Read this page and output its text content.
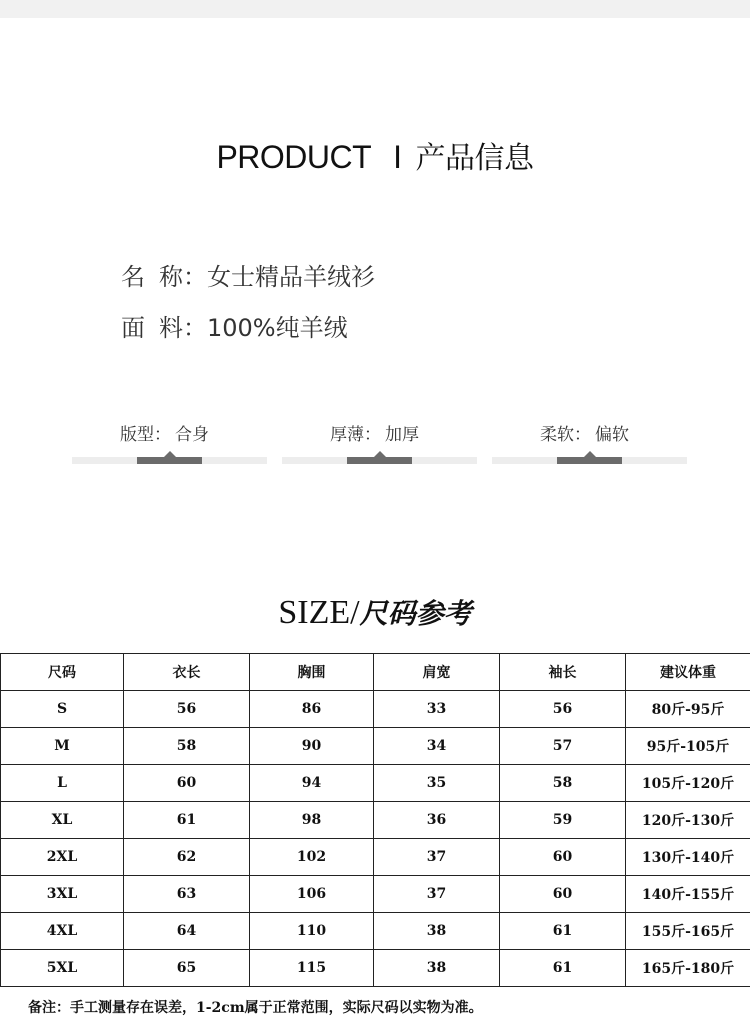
PRODUCT I 产品信息
名称：女士精品羊绒衫
面料：100%纯羊绒
版型： 合身	厚薄： 加厚	柔软： 偏软
SIZE/尺码参考
尺码	衣长	胸围	肩宽	袖长	建议体重
S	56	86	33	56	80斤-95斤
M	58	90	34	57	95斤-105斤
L	60	94	35	58	105斤-120斤
XL	61	98	36	59	120斤-130斤
2XL	62	102	37	60	130斤-140斤
3XL	63	106	37	60	140斤-155斤
4XL	64	110	38	61	155斤-165斤
5XL	65	115	38	61	165斤-180斤
备注：手工测量存在误差，1-2cm属于正常范围，实际尺码以实物为准。
